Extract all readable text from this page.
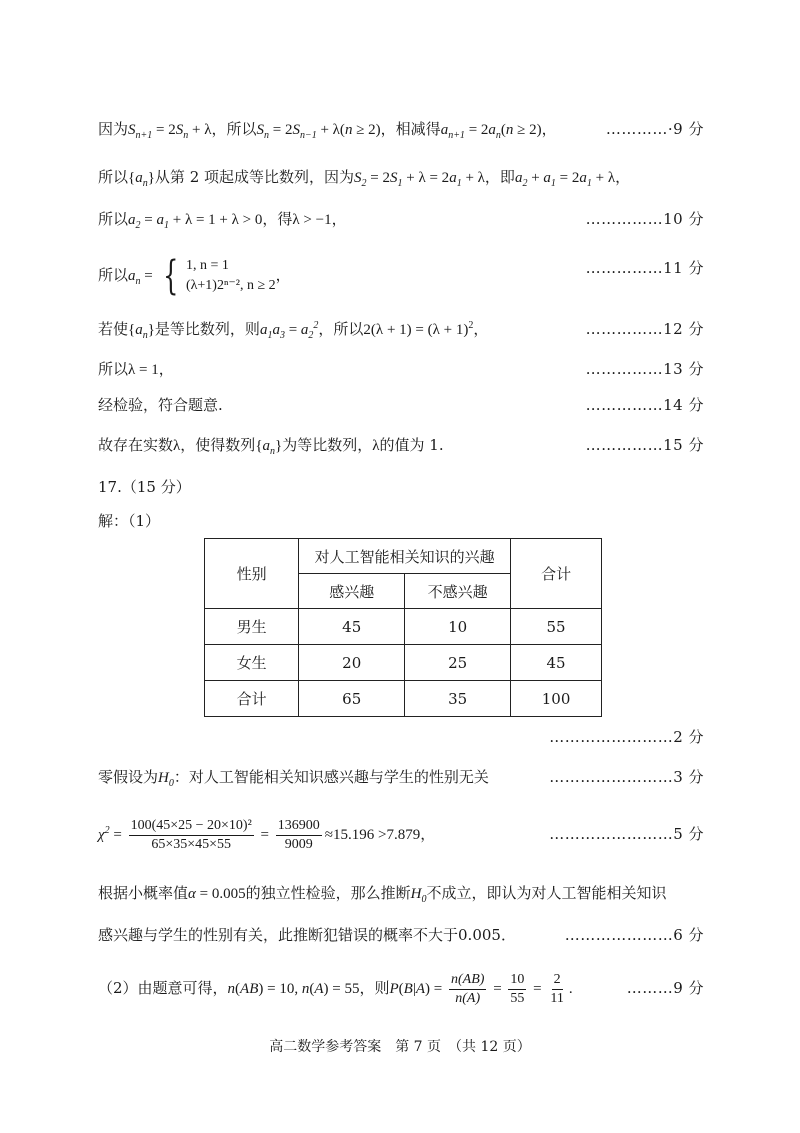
因为$S_{n+1} = 2S_n + \lambda$，所以$S_n = 2S_{n-1} + \lambda(n \ge 2)$，相减得$a_{n+1} = 2a_n(n \ge 2)$，	…………·9 分
所以$\{a_n\}$从第 2 项起成等比数列，因为$S_2 = 2S_1 + \lambda = 2a_1 + \lambda$，即$a_2 + a_1 = 2a_1 + \lambda$，
所以$a_2 = a_1 + \lambda = 1 + \lambda > 0$，得λ > −1，	……………10 分
所以$a_n$ = { 1, n = 1
(λ+1)2ⁿ⁻², n ≥ 2
，	……………11 分
若使$\{a_n\}$是等比数列，则$a_1a_3 = a_2^2$，所以$2(\lambda + 1) = (\lambda + 1)^2$，	……………12 分
所以λ = 1，	……………13 分
经检验，符合题意.	……………14 分
故存在实数λ，使得数列$\{a_n\}$为等比数列，λ的值为 1.	……………15 分
17.（15 分）
解：（1）
性别	对人工智能相关知识的兴趣		合计
	感兴趣	不感兴趣	
男生	45	10	55
女生	20	25	45
合计	65	35	100
……………………2 分
零假设为$H_0$：对人工智能相关知识感兴趣与学生的性别无关	……………………3 分
$\chi^2 = \frac{\text{100(45×25 − 20×10)²}}{65\times 35\times 45\times 55} = \frac{136900}{9009} \approx 15.196 >7.879$，	……………………5 分
根据小概率值α = 0.005的独立性检验，那么推断$H_0$不成立，即认为对人工智能相关知识
感兴趣与学生的性别有关，此推断犯错误的概率不大于0.005．	…………………6 分
（2）由题意可得，n(AB) = 10, n(A) = 55，则$P(B|A) = \frac{n(AB)}{n(A)} = \frac{10}{55} = \frac{2}{11}$ .	………9 分
高二数学参考答案　第 7 页　（共 12 页）
